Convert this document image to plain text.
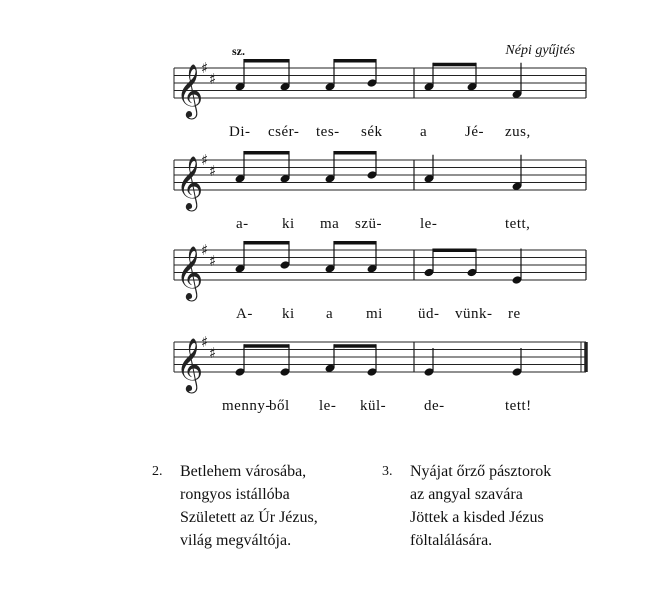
sz.	Népi gyűjtés
𝄞
♯
♯
𝄞
♯
♯
𝄞
♯
♯
𝄞
♯
♯
Di- csér- tes- sék	a	Jé- zus,
a- ki ma szü-	le-	tett,
A- ki a mi üd- vünk- re
menny-
ből le- kül-	de-	tett!
2. Betlehem városába,
rongyos istállóba
Született az Úr Jézus,
világ megváltója.
3. Nyájat őrző pásztorok
az angyal szavára
Jöttek a kisded Jézus
föltalálására.
